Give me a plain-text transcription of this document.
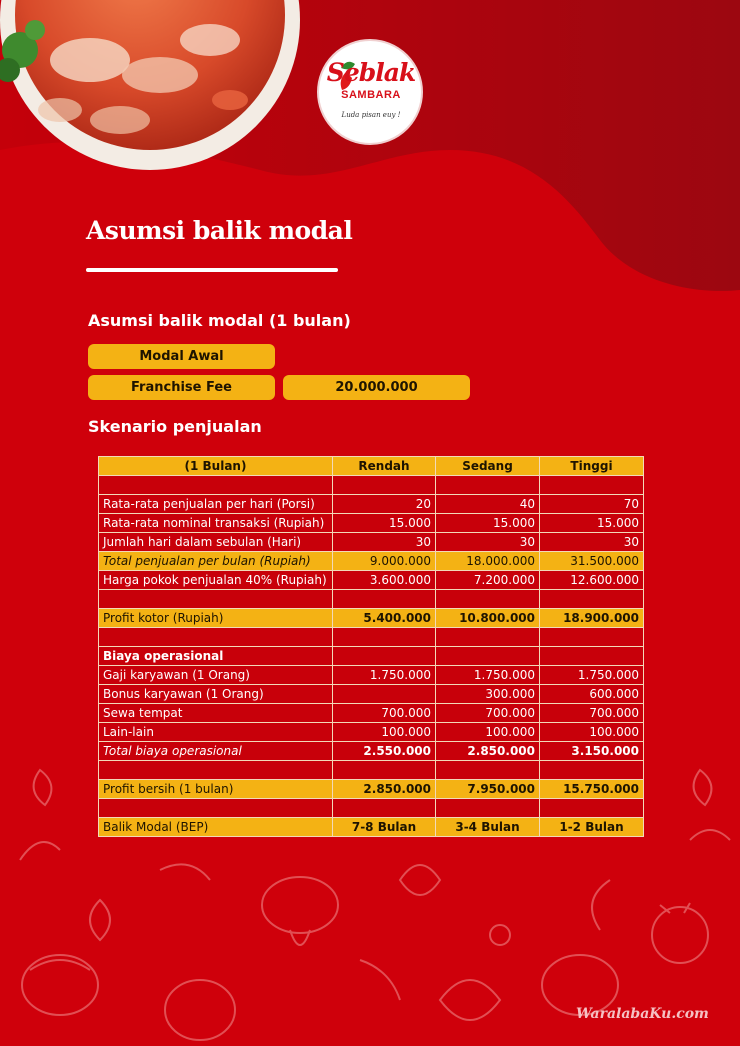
Seblak
SAMBARA
Luda pisan euy !
Asumsi balik modal
Asumsi balik modal (1 bulan)
Modal Awal
Franchise Fee	20.000.000
Skenario penjualan
(1 Bulan)	Rendah	Sedang	Tinggi

Rata-rata penjualan per hari (Porsi)	20	40	70
Rata-rata nominal transaksi (Rupiah)	15.000	15.000	15.000
Jumlah hari dalam sebulan (Hari)	30	30	30
Total penjualan per bulan (Rupiah)	9.000.000	18.000.000	31.500.000
Harga pokok penjualan 40% (Rupiah)	3.600.000	7.200.000	12.600.000

Profit kotor (Rupiah)	5.400.000	10.800.000	18.900.000

Biaya operasional			
Gaji karyawan (1 Orang)	1.750.000	1.750.000	1.750.000
Bonus karyawan (1 Orang)		300.000	600.000
Sewa tempat	700.000	700.000	700.000
Lain-lain	100.000	100.000	100.000
Total biaya operasional	2.550.000	2.850.000	3.150.000

Profit bersih (1 bulan)	2.850.000	7.950.000	15.750.000

Balik Modal (BEP)	7-8 Bulan	3-4 Bulan	1-2 Bulan
WaralabaKu.com
